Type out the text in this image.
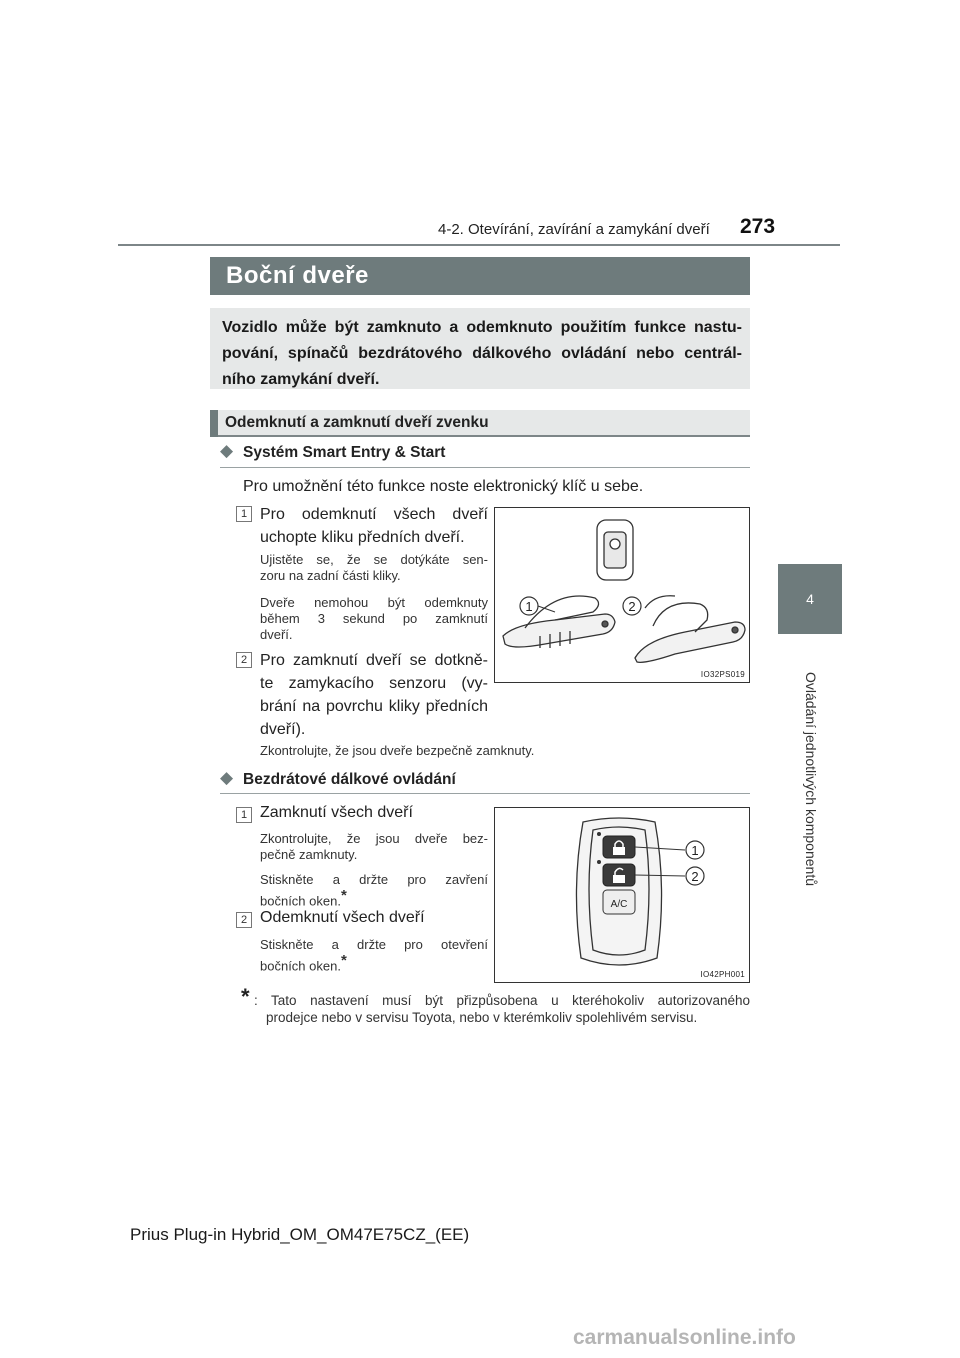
4-2. Otevírání, zavírání a zamykání dveří 273
4
Ovládání jednotlivých komponentů
Boční dveře
Vozidlo může být zamknuto a odemknuto použitím funkce nastu-
pování, spínačů bezdrátového dálkového ovládání nebo centrál-
ního zamykání dveří.
Odemknutí a zamknutí dveří zvenku
◆ Systém Smart Entry & Start
Pro umožnění této funkce noste elektronický klíč u sebe.
1 Pro odemknutí všech dveří
uchopte kliku předních dveří.
Ujistěte se, že se dotýkáte sen-
zoru na zadní části kliky.
Dveře nemohou být odemknuty
během 3 sekund po zamknutí
dveří.
2 Pro zamknutí dveří se dotkně-
te zamykacího senzoru (vy-
brání na povrchu kliky předních
dveří).
Zkontrolujte, že jsou dveře bezpečně zamknuty.
1	2
IO32PS019
◆ Bezdrátové dálkové ovládání
1 Zamknutí všech dveří
Zkontrolujte, že jsou dveře bez-
pečně zamknuty.
Stiskněte a držte pro zavření
bočních oken.*
2 Odemknutí všech dveří
Stiskněte a držte pro otevření
bočních oken.*
A/C
1
2
IO42PH001
* : Tato nastavení musí být přizpůsobena u kteréhokoliv autorizovaného
prodejce nebo v servisu Toyota, nebo v kterémkoliv spolehlivém servisu.
Prius Plug-in Hybrid_OM_OM47E75CZ_(EE)
carmanualsonline.info
